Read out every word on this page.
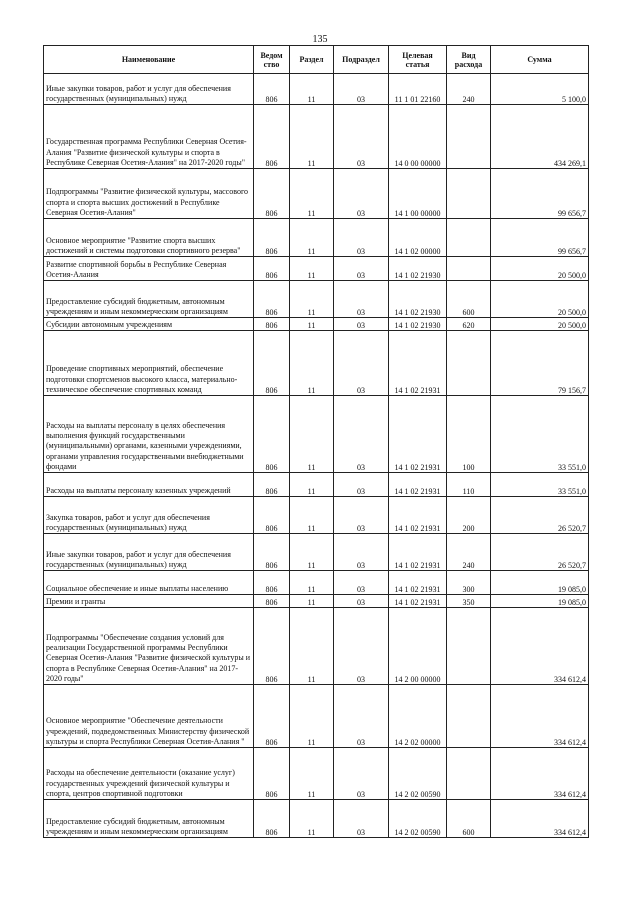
135
Наименование	Ведом ство	Раздел	Подраздел	Целевая статья	Вид расхода	Сумма
Иные закупки товаров, работ и услуг для обеспечения государственных (муниципальных) нужд	806	11	03	11 1 01 22160	240	5 100,0
Государственная программа Республики Северная Осетия-Алания "Развитие физической культуры и спорта в Республике Северная Осетия-Алания" на 2017-2020 годы"	806	11	03	14 0 00 00000		434 269,1
Подпрограммы "Развитие физической культуры, массового спорта и спорта высших достижений в Республике Северная Осетия-Алания"	806	11	03	14 1 00 00000		99 656,7
Основное мероприятие "Развитие спорта высших достижений и системы подготовки спортивного резерва"	806	11	03	14 1 02 00000		99 656,7
Развитие спортивной борьбы в Республике Северная Осетия-Алания	806	11	03	14 1 02 21930		20 500,0
Предоставление субсидий бюджетным, автономным учреждениям и иным некоммерческим организациям	806	11	03	14 1 02 21930	600	20 500,0
Субсидии автономным учреждениям	806	11	03	14 1 02 21930	620	20 500,0
Проведение спортивных мероприятий, обеспечение подготовки спортсменов высокого класса, материально-техническое обеспечение спортивных команд	806	11	03	14 1 02 21931		79 156,7
Расходы на выплаты персоналу в целях обеспечения выполнения функций государственными (муниципальными) органами, казенными учреждениями, органами управления государственными внебюджетными фондами	806	11	03	14 1 02 21931	100	33 551,0
Расходы на выплаты персоналу казенных учреждений	806	11	03	14 1 02 21931	110	33 551,0
Закупка товаров, работ и услуг для обеспечения государственных (муниципальных) нужд	806	11	03	14 1 02 21931	200	26 520,7
Иные закупки товаров, работ и услуг для обеспечения государственных (муниципальных) нужд	806	11	03	14 1 02 21931	240	26 520,7
Социальное обеспечение и иные выплаты населению	806	11	03	14 1 02 21931	300	19 085,0
Премии и гранты	806	11	03	14 1 02 21931	350	19 085,0
Подпрограммы "Обеспечение создания условий для реализации Государственной программы Республики Северная Осетия-Алания "Развитие физической культуры и спорта в Республике Северная Осетия-Алания" на 2017-2020 годы"	806	11	03	14 2 00 00000		334 612,4
Основное мероприятие "Обеспечение деятельности учреждений, подведомственных Министерству физической культуры и спорта Республики Северная Осетия-Алания "	806	11	03	14 2 02 00000		334 612,4
Расходы на обеспечение деятельности (оказание услуг) государственных учреждений физической культуры и спорта, центров спортивной подготовки	806	11	03	14 2 02 00590		334 612,4
Предоставление субсидий бюджетным, автономным учреждениям и иным некоммерческим организациям	806	11	03	14 2 02 00590	600	334 612,4
